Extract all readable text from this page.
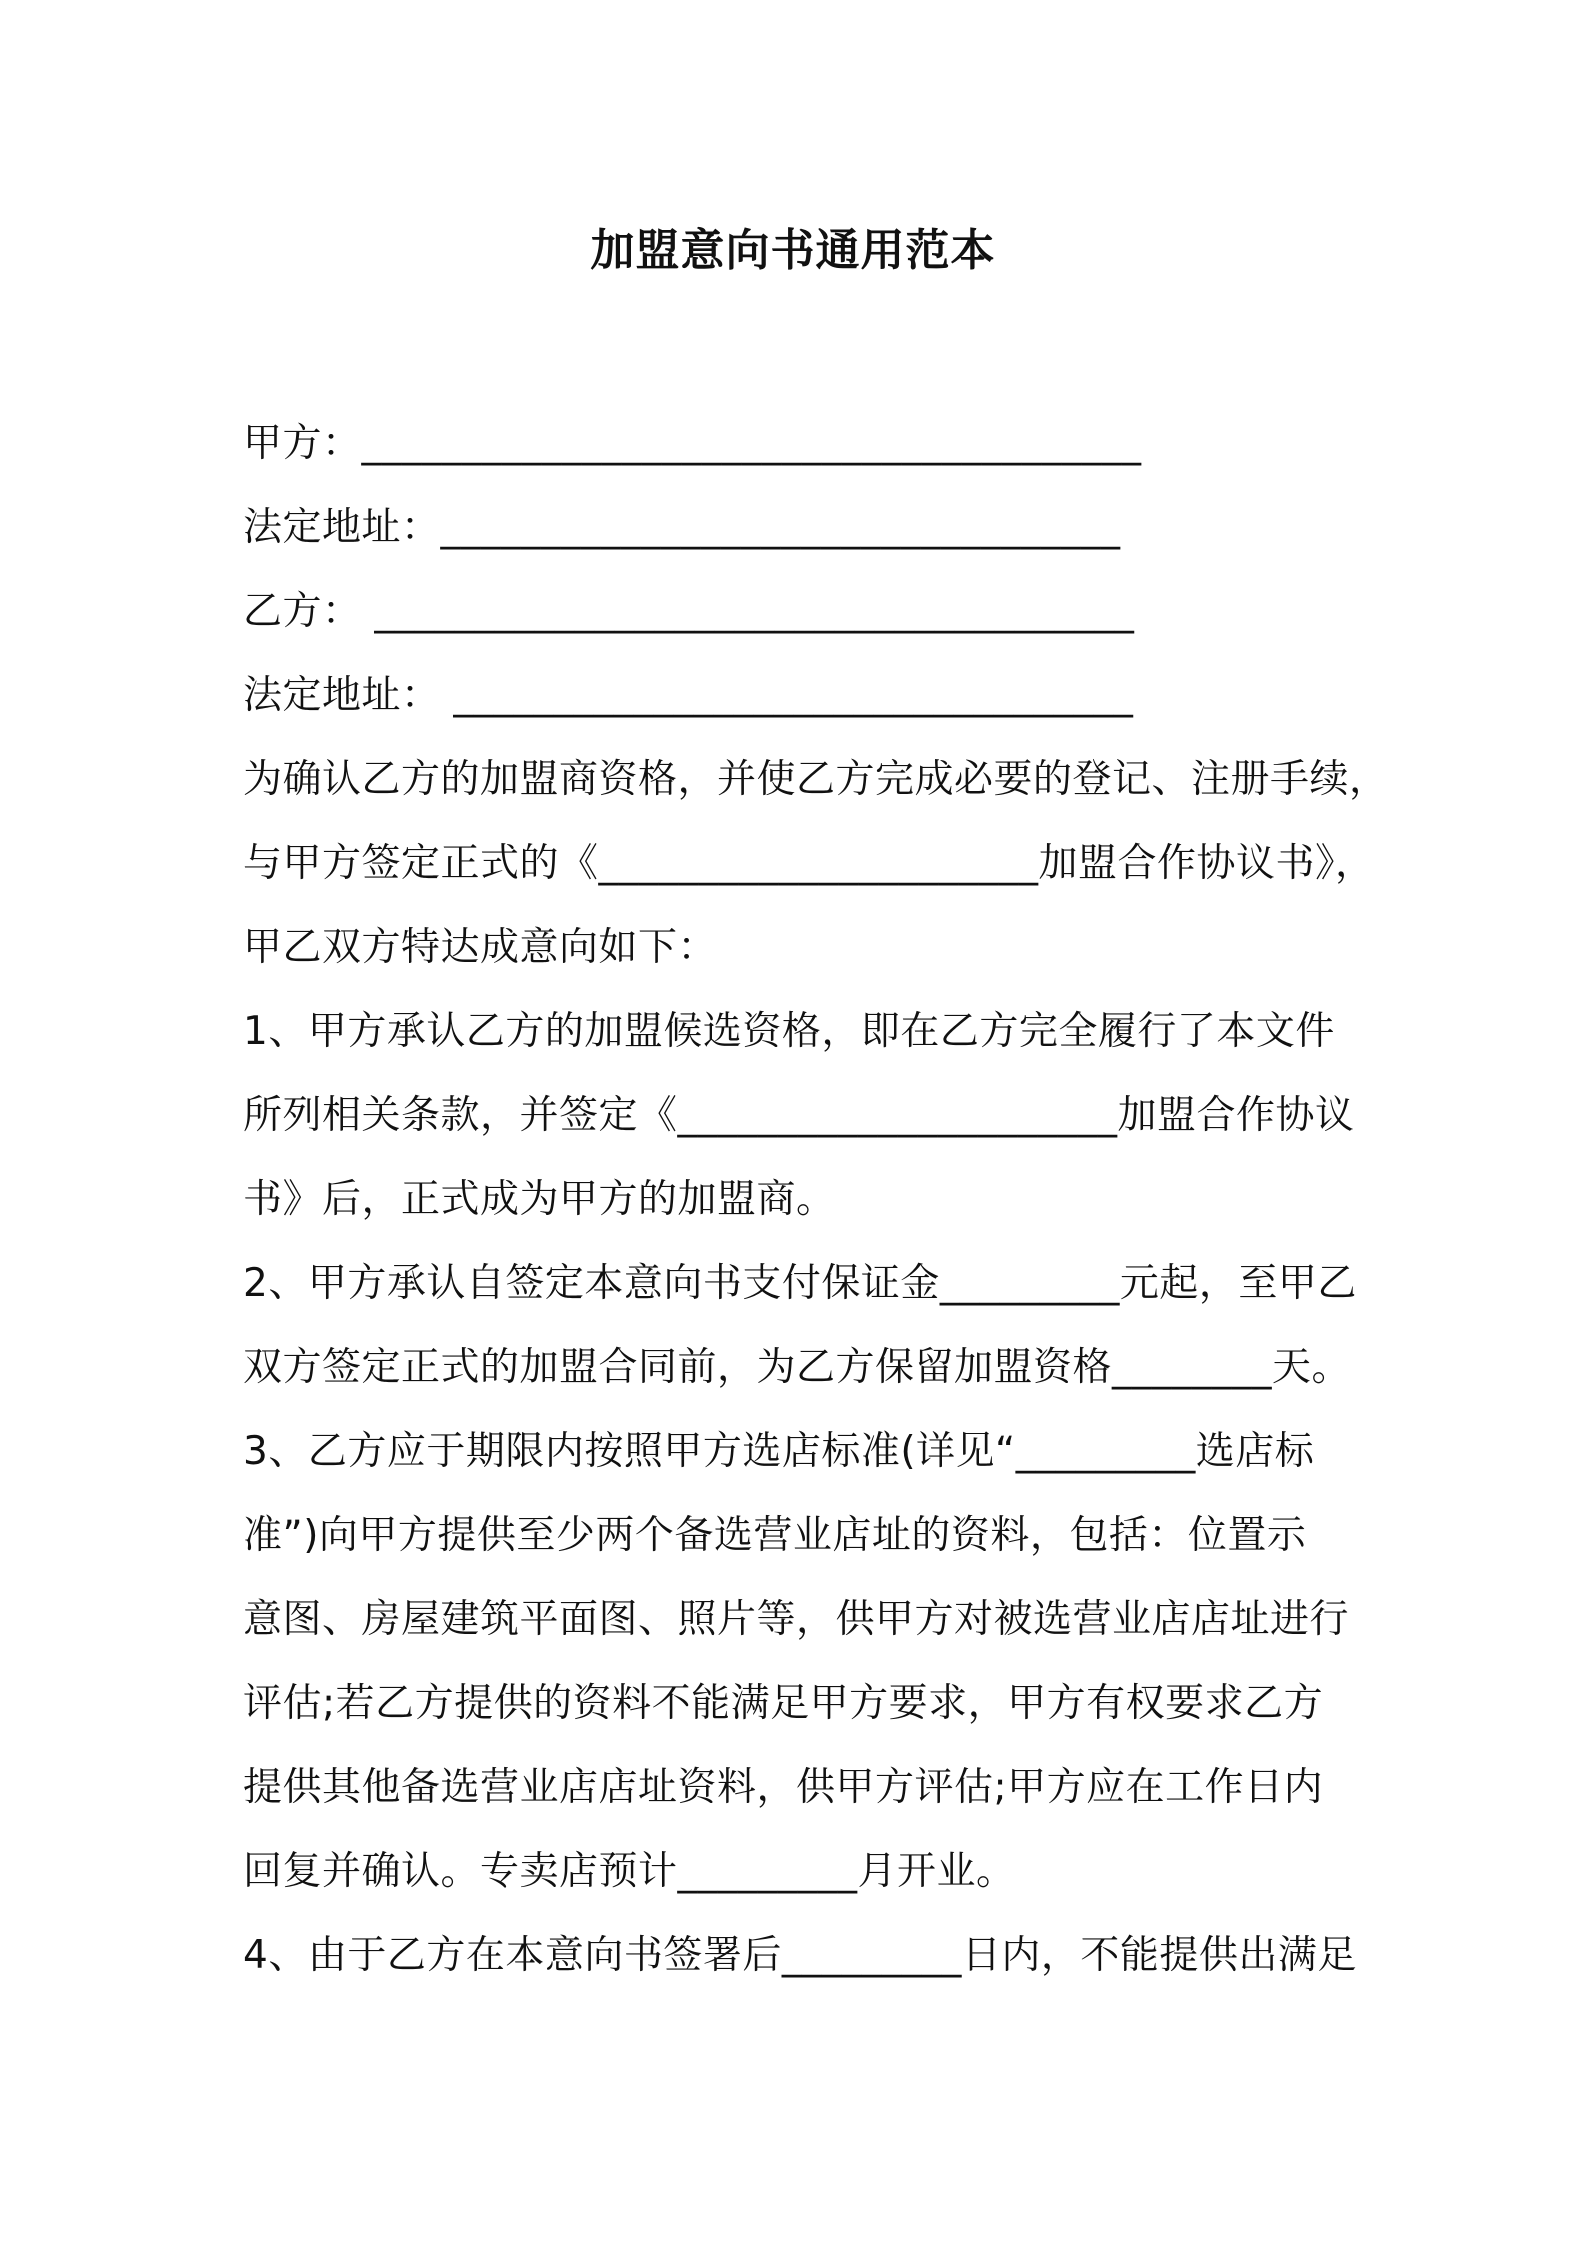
加盟意向书通用范本
甲方：_______________________________________
法定地址：__________________________________
乙方： ______________________________________
法定地址： __________________________________
为确认乙方的加盟商资格，并使乙方完成必要的登记、注册手续，
与甲方签定正式的《______________________加盟合作协议书》，
甲乙双方特达成意向如下：
1、甲方承认乙方的加盟候选资格，即在乙方完全履行了本文件
所列相关条款，并签定《______________________加盟合作协议
书》后，正式成为甲方的加盟商。
2、甲方承认自签定本意向书支付保证金_________元起，至甲乙
双方签定正式的加盟合同前，为乙方保留加盟资格________天。
3、乙方应于期限内按照甲方选店标准(详见“_________选店标
准”)向甲方提供至少两个备选营业店址的资料，包括：位置示
意图、房屋建筑平面图、照片等，供甲方对被选营业店店址进行
评估;若乙方提供的资料不能满足甲方要求，甲方有权要求乙方
提供其他备选营业店店址资料，供甲方评估;甲方应在工作日内
回复并确认。专卖店预计_________月开业。
4、由于乙方在本意向书签署后_________日内，不能提供出满足
